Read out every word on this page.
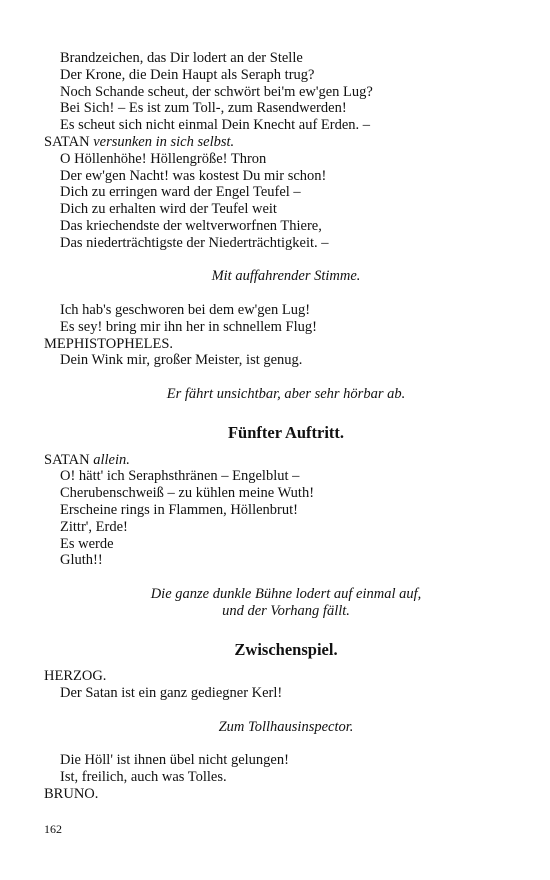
Brandzeichen, das Dir lodert an der Stelle
Der Krone, die Dein Haupt als Seraph trug?
Noch Schande scheut, der schwört bei'm ew'gen Lug?
Bei Sich! – Es ist zum Toll-, zum Rasendwerden!
Es scheut sich nicht einmal Dein Knecht auf Erden. –
SATAN versunken in sich selbst.
O Höllenhöhe! Höllengröße! Thron
Der ew'gen Nacht! was kostest Du mir schon!
Dich zu erringen ward der Engel Teufel –
Dich zu erhalten wird der Teufel weit
Das kriechendste der weltverworfnen Thiere,
Das niederträchtigste der Niederträchtigkeit. –
Mit auffahrender Stimme.
Ich hab's geschworen bei dem ew'gen Lug!
Es sey! bring mir ihn her in schnellem Flug!
MEPHISTOPHELES.
Dein Wink mir, großer Meister, ist genug.
Er fährt unsichtbar, aber sehr hörbar ab.
Fünfter Auftritt.
SATAN allein.
O! hätt' ich Seraphsthränen – Engelblut –
Cherubenschweiß – zu kühlen meine Wuth!
Erscheine rings in Flammen, Höllenbrut!
Zittr', Erde!
Es werde
Gluth!!
Die ganze dunkle Bühne lodert auf einmal auf,
und der Vorhang fällt.
Zwischenspiel.
HERZOG.
Der Satan ist ein ganz gediegner Kerl!
Zum Tollhausinspector.
Die Höll' ist ihnen übel nicht gelungen!
Ist, freilich, auch was Tolles.
BRUNO.
162
